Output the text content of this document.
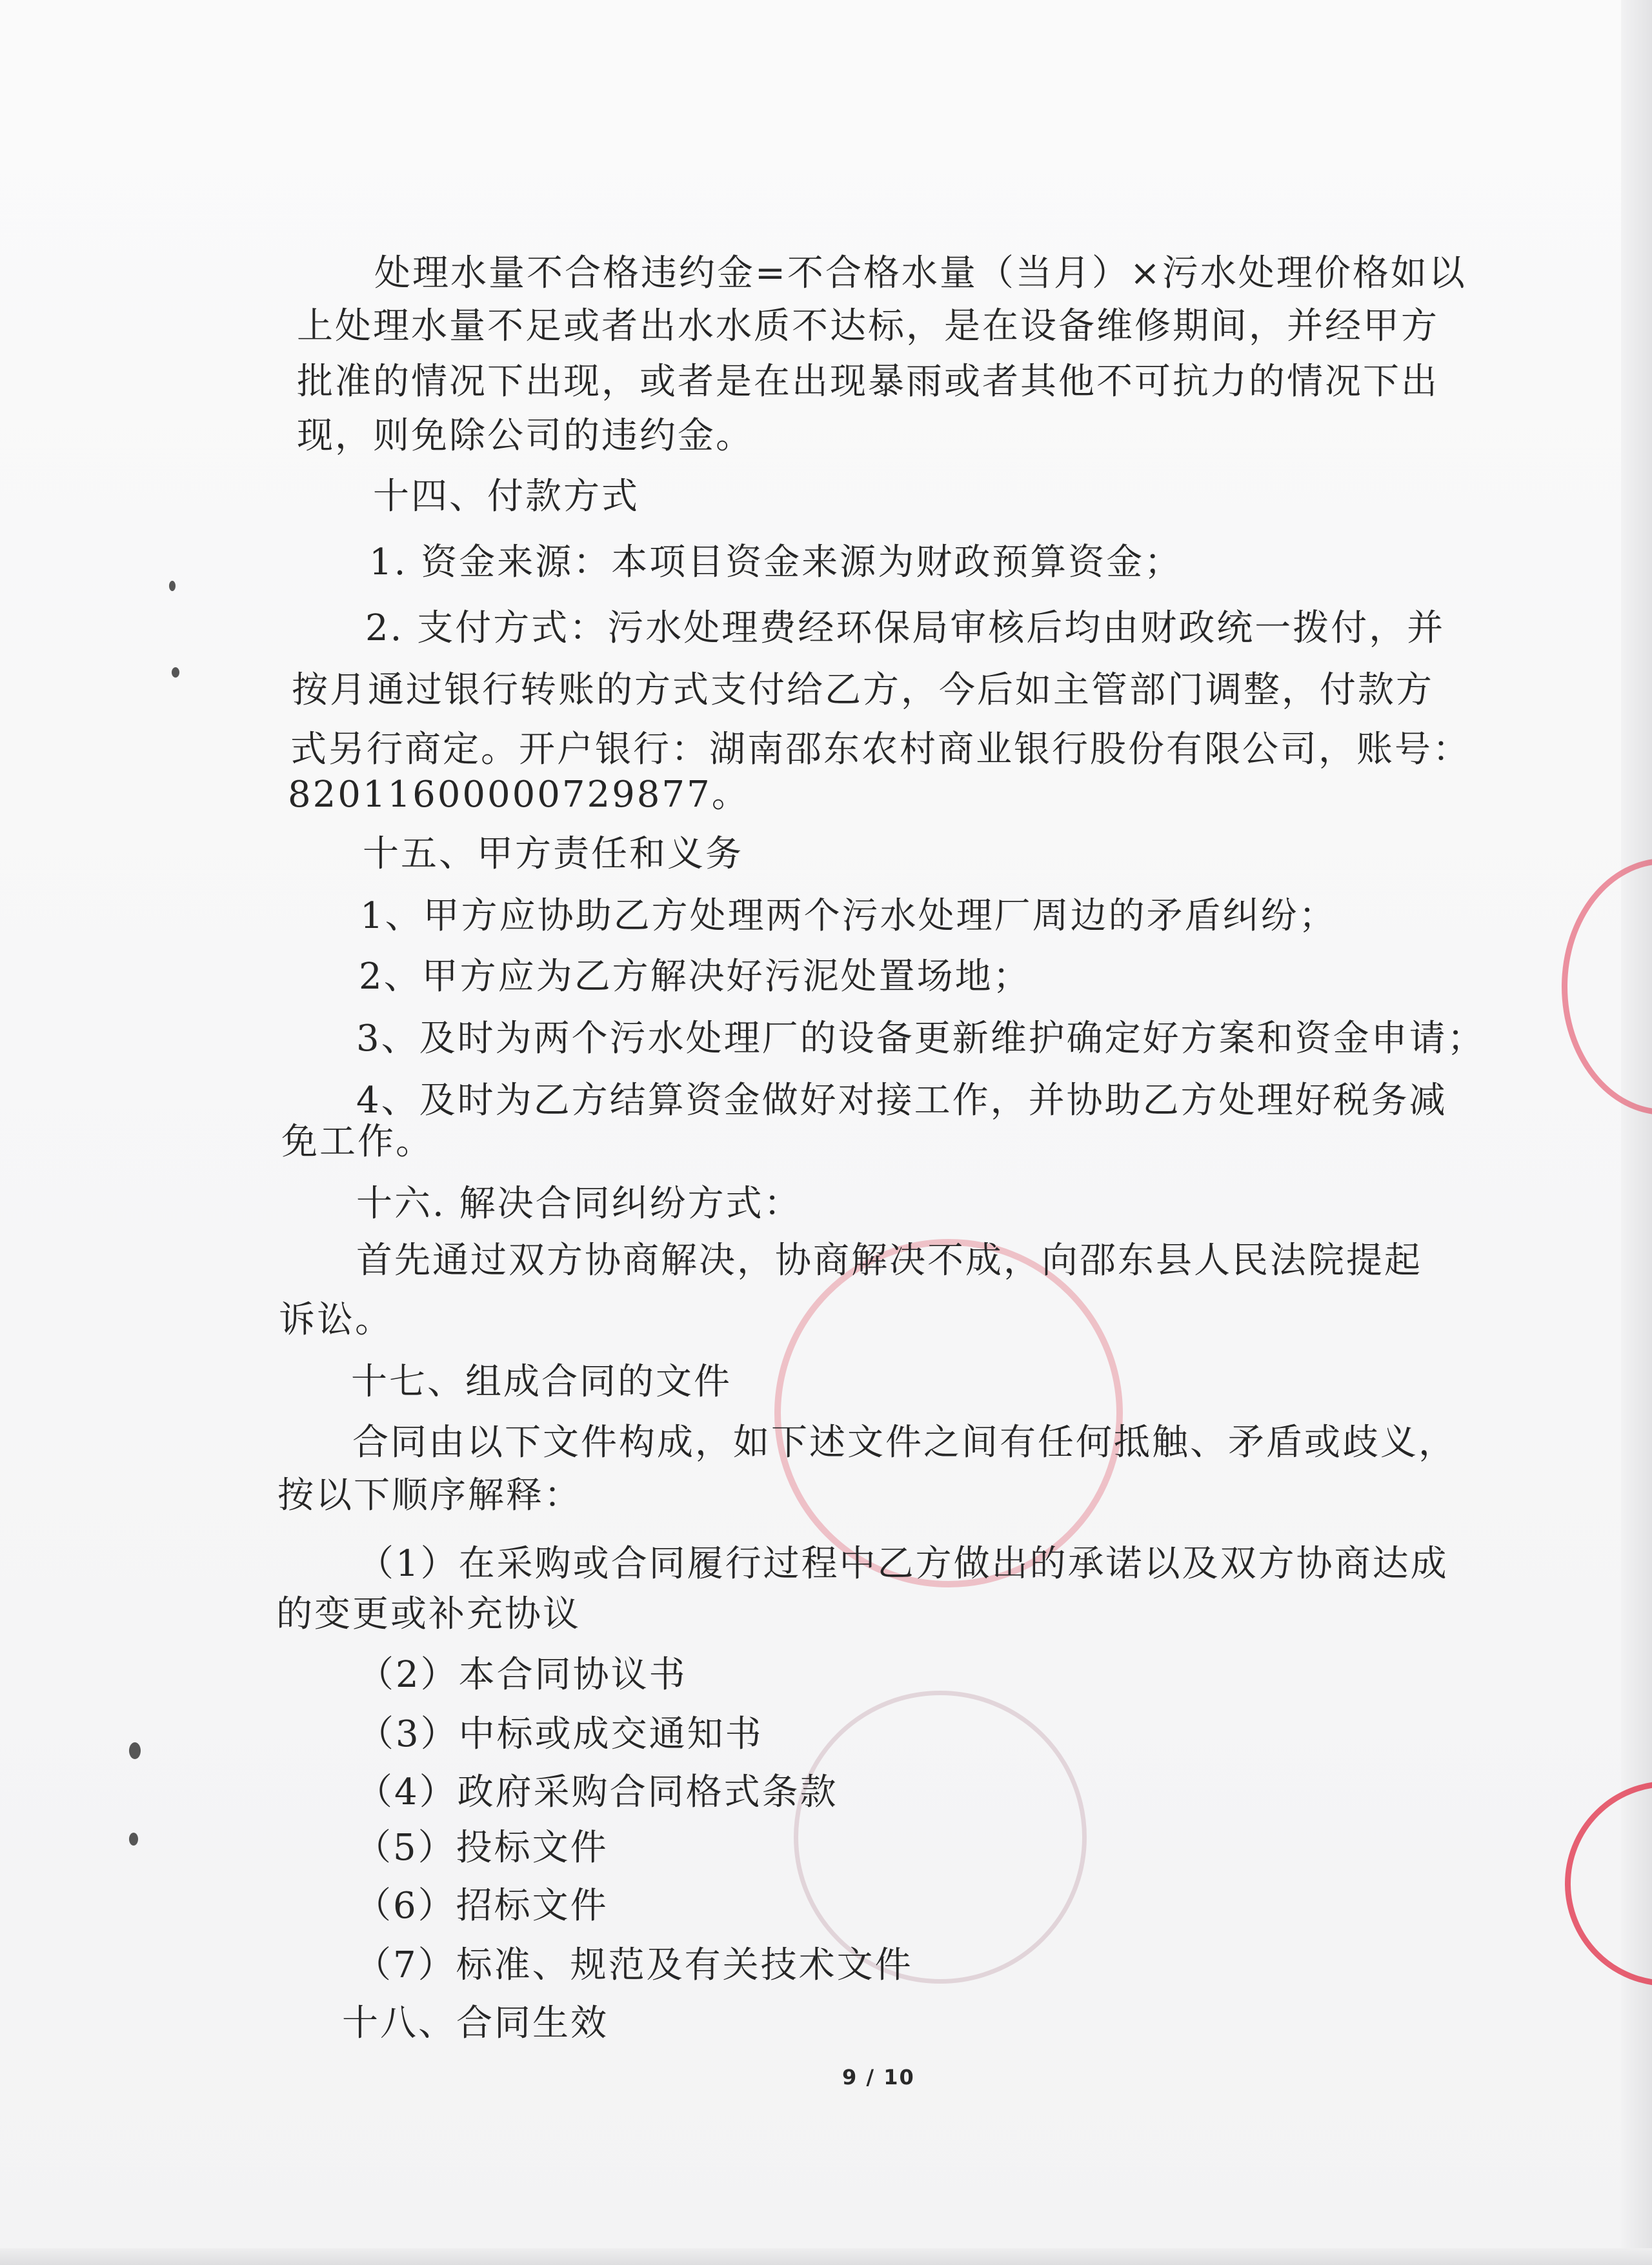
处理水量不合格违约金=不合格水量（当月）×污水处理价格如以
上处理水量不足或者出水水质不达标，是在设备维修期间，并经甲方
批准的情况下出现，或者是在出现暴雨或者其他不可抗力的情况下出
现，则免除公司的违约金。
十四、付款方式
1. 资金来源：本项目资金来源为财政预算资金；
2. 支付方式：污水处理费经环保局审核后均由财政统一拨付，并
按月通过银行转账的方式支付给乙方，今后如主管部门调整，付款方
式另行商定。开户银行：湖南邵东农村商业银行股份有限公司，账号：
82011600000729877。
十五、甲方责任和义务
1、甲方应协助乙方处理两个污水处理厂周边的矛盾纠纷；
2、甲方应为乙方解决好污泥处置场地；
3、及时为两个污水处理厂的设备更新维护确定好方案和资金申请；
4、及时为乙方结算资金做好对接工作，并协助乙方处理好税务减
免工作。
十六. 解决合同纠纷方式：
首先通过双方协商解决，协商解决不成，向邵东县人民法院提起
诉讼。
十七、组成合同的文件
合同由以下文件构成，如下述文件之间有任何抵触、矛盾或歧义，
按以下顺序解释：
（1）在采购或合同履行过程中乙方做出的承诺以及双方协商达成
的变更或补充协议
（2）本合同协议书
（3）中标或成交通知书
（4）政府采购合同格式条款
（5）投标文件
（6）招标文件
（7）标准、规范及有关技术文件
十八、合同生效
9 / 10
